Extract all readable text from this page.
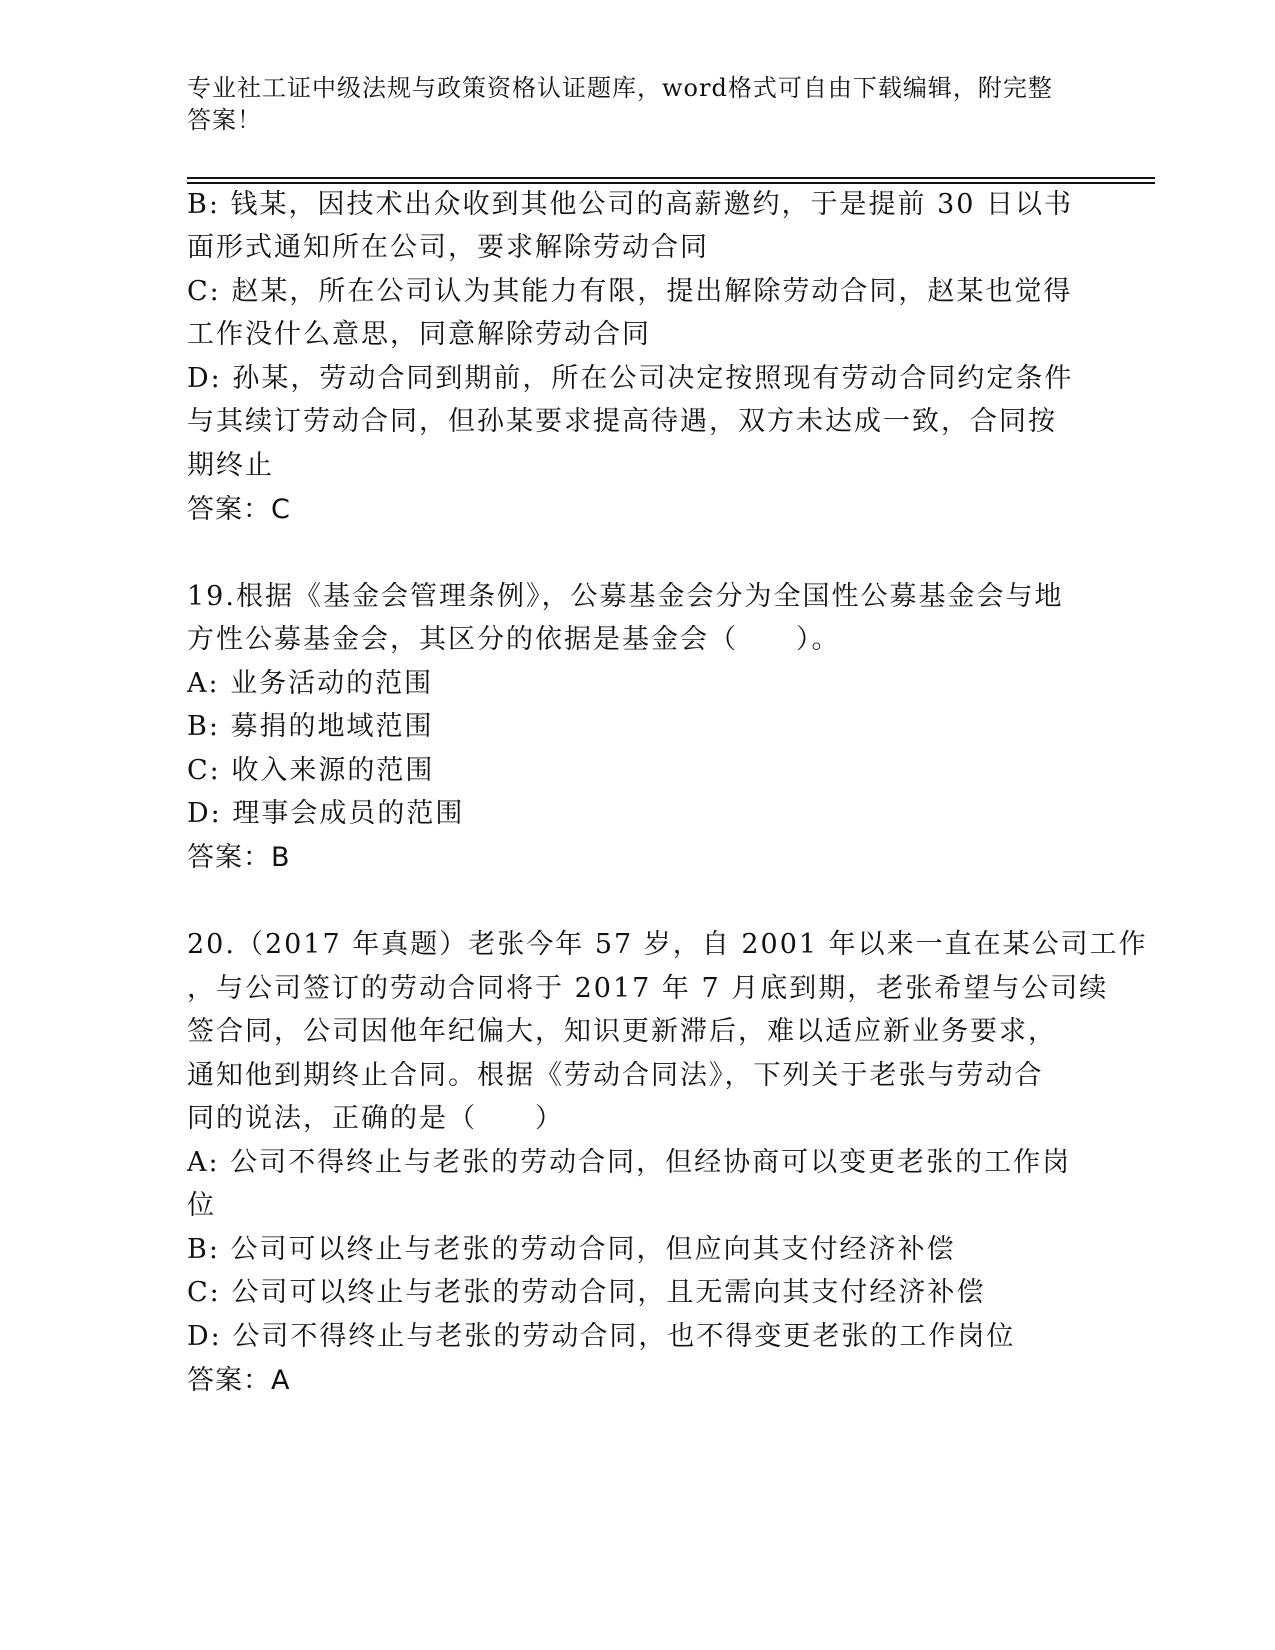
专业社工证中级法规与政策资格认证题库，word格式可自由下载编辑，附完整答案！
B: 钱某，因技术出众收到其他公司的高薪邀约，于是提前 30 日以书
面形式通知所在公司，要求解除劳动合同
C: 赵某，所在公司认为其能力有限，提出解除劳动合同，赵某也觉得
工作没什么意思，同意解除劳动合同
D: 孙某，劳动合同到期前，所在公司决定按照现有劳动合同约定条件
与其续订劳动合同，但孙某要求提高待遇，双方未达成一致，合同按
期终止
答案：C
19.根据《基金会管理条例》，公募基金会分为全国性公募基金会与地
方性公募基金会，其区分的依据是基金会（　　）。
A: 业务活动的范围
B: 募捐的地域范围
C: 收入来源的范围
D: 理事会成员的范围
答案：B
20.（2017 年真题）老张今年 57 岁，自 2001 年以来一直在某公司工作
，与公司签订的劳动合同将于 2017 年 7 月底到期，老张希望与公司续
签合同，公司因他年纪偏大，知识更新滞后，难以适应新业务要求，
通知他到期终止合同。根据《劳动合同法》，下列关于老张与劳动合
同的说法，正确的是（　　）
A: 公司不得终止与老张的劳动合同，但经协商可以变更老张的工作岗
位
B: 公司可以终止与老张的劳动合同，但应向其支付经济补偿
C: 公司可以终止与老张的劳动合同，且无需向其支付经济补偿
D: 公司不得终止与老张的劳动合同，也不得变更老张的工作岗位
答案：A
